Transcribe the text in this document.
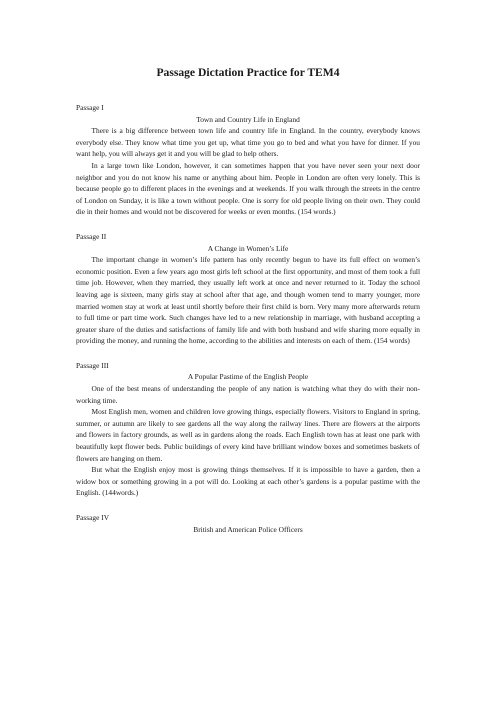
Passage Dictation Practice for TEM4

Passage I

Town and Country Life in England

There is a big difference between town life and country life in England. In the country, everybody knows everybody else. They know what time you get up, what time you go to bed and what you have for dinner. If you want help, you will always get it and you will be glad to help others.

In a large town like London, however, it can sometimes happen that you have never seen your next door neighbor and you do not know his name or anything about him. People in London are often very lonely. This is because people go to different places in the evenings and at weekends. If you walk through the streets in the centre of London on Sunday, it is like a town without people. One is sorry for old people living on their own. They could die in their homes and would not be discovered for weeks or even months. (154 words.)

Passage II

A Change in Women’s Life

The important change in women’s life pattern has only recently begun to have its full effect on women’s economic position. Even a few years ago most girls left school at the first opportunity, and most of them took a full time job. However, when they married, they usually left work at once and never returned to it. Today the school leaving age is sixteen, many girls stay at school after that age, and though women tend to marry younger, more married women stay at work at least until shortly before their first child is born. Very many more afterwards return to full time or part time work. Such changes have led to a new relationship in marriage, with husband accepting a greater share of the duties and satisfactions of family life and with both husband and wife sharing more equally in providing the money, and running the home, according to the abilities and interests on each of them. (154 words)

Passage III

A Popular Pastime of the English People

One of the best means of understanding the people of any nation is watching what they do with their non-working time.

Most English men, women and children love growing things, especially flowers. Visitors to England in spring, summer, or autumn are likely to see gardens all the way along the railway lines. There are flowers at the airports and flowers in factory grounds, as well as in gardens along the roads. Each English town has at least one park with beautifully kept flower beds. Public buildings of every kind have brilliant window boxes and sometimes baskets of flowers are hanging on them.

But what the English enjoy most is growing things themselves. If it is impossible to have a garden, then a widow box or something growing in a pot will do. Looking at each other’s gardens is a popular pastime with the English. (144words.)

Passage IV

British and American Police Officers
